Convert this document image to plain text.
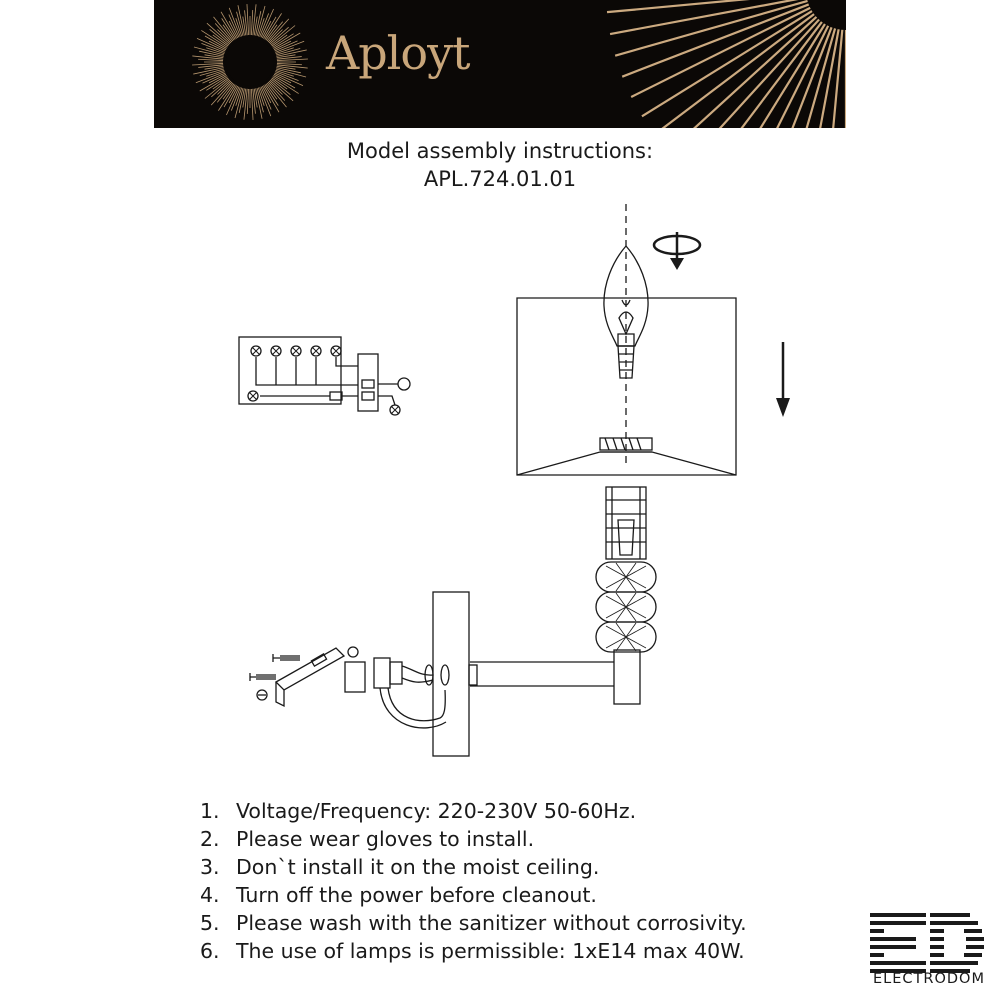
Aployt
Model assembly instructions:
APL.724.01.01
1. Voltage/Frequency: 220-230V 50-60Hz.
2. Please wear gloves to install.
3. Don`t install it on the moist ceiling.
4. Turn off the power before cleanout.
5. Please wash with the sanitizer without corrosivity.
6. The use of lamps is permissible: 1xE14 max 40W.
ELECTRODOM
